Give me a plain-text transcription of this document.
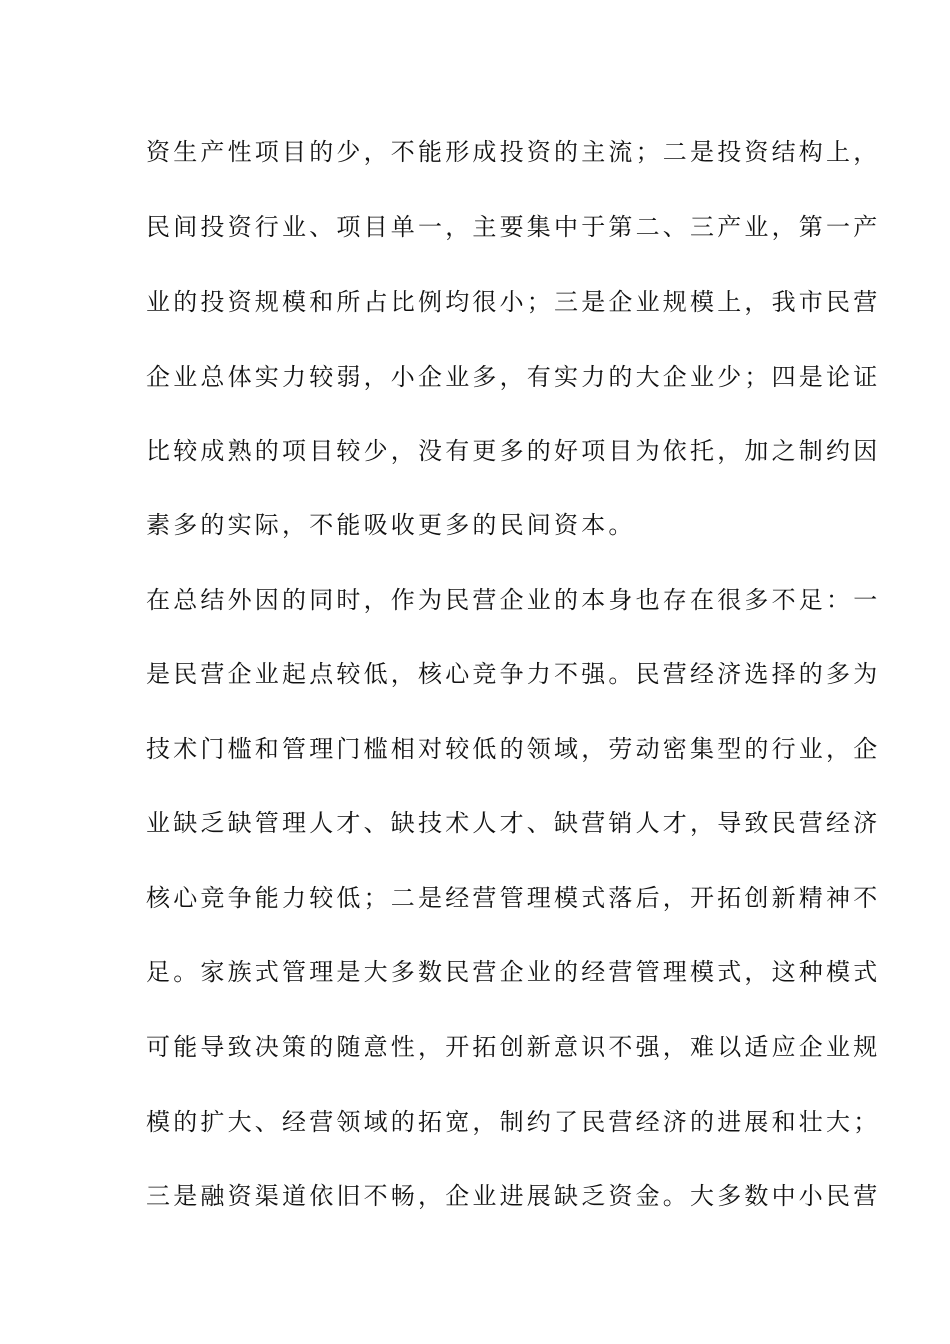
资生产性项目的少，不能形成投资的主流；二是投资结构上，
民间投资行业、项目单一，主要集中于第二、三产业，第一产
业的投资规模和所占比例均很小；三是企业规模上，我市民营
企业总体实力较弱，小企业多，有实力的大企业少；四是论证
比较成熟的项目较少，没有更多的好项目为依托，加之制约因
素多的实际，不能吸收更多的民间资本。
在总结外因的同时，作为民营企业的本身也存在很多不足：一
是民营企业起点较低，核心竞争力不强。民营经济选择的多为
技术门槛和管理门槛相对较低的领域，劳动密集型的行业，企
业缺乏缺管理人才、缺技术人才、缺营销人才，导致民营经济
核心竞争能力较低；二是经营管理模式落后，开拓创新精神不
足。家族式管理是大多数民营企业的经营管理模式，这种模式
可能导致决策的随意性，开拓创新意识不强，难以适应企业规
模的扩大、经营领域的拓宽，制约了民营经济的进展和壮大；
三是融资渠道依旧不畅，企业进展缺乏资金。大多数中小民营
